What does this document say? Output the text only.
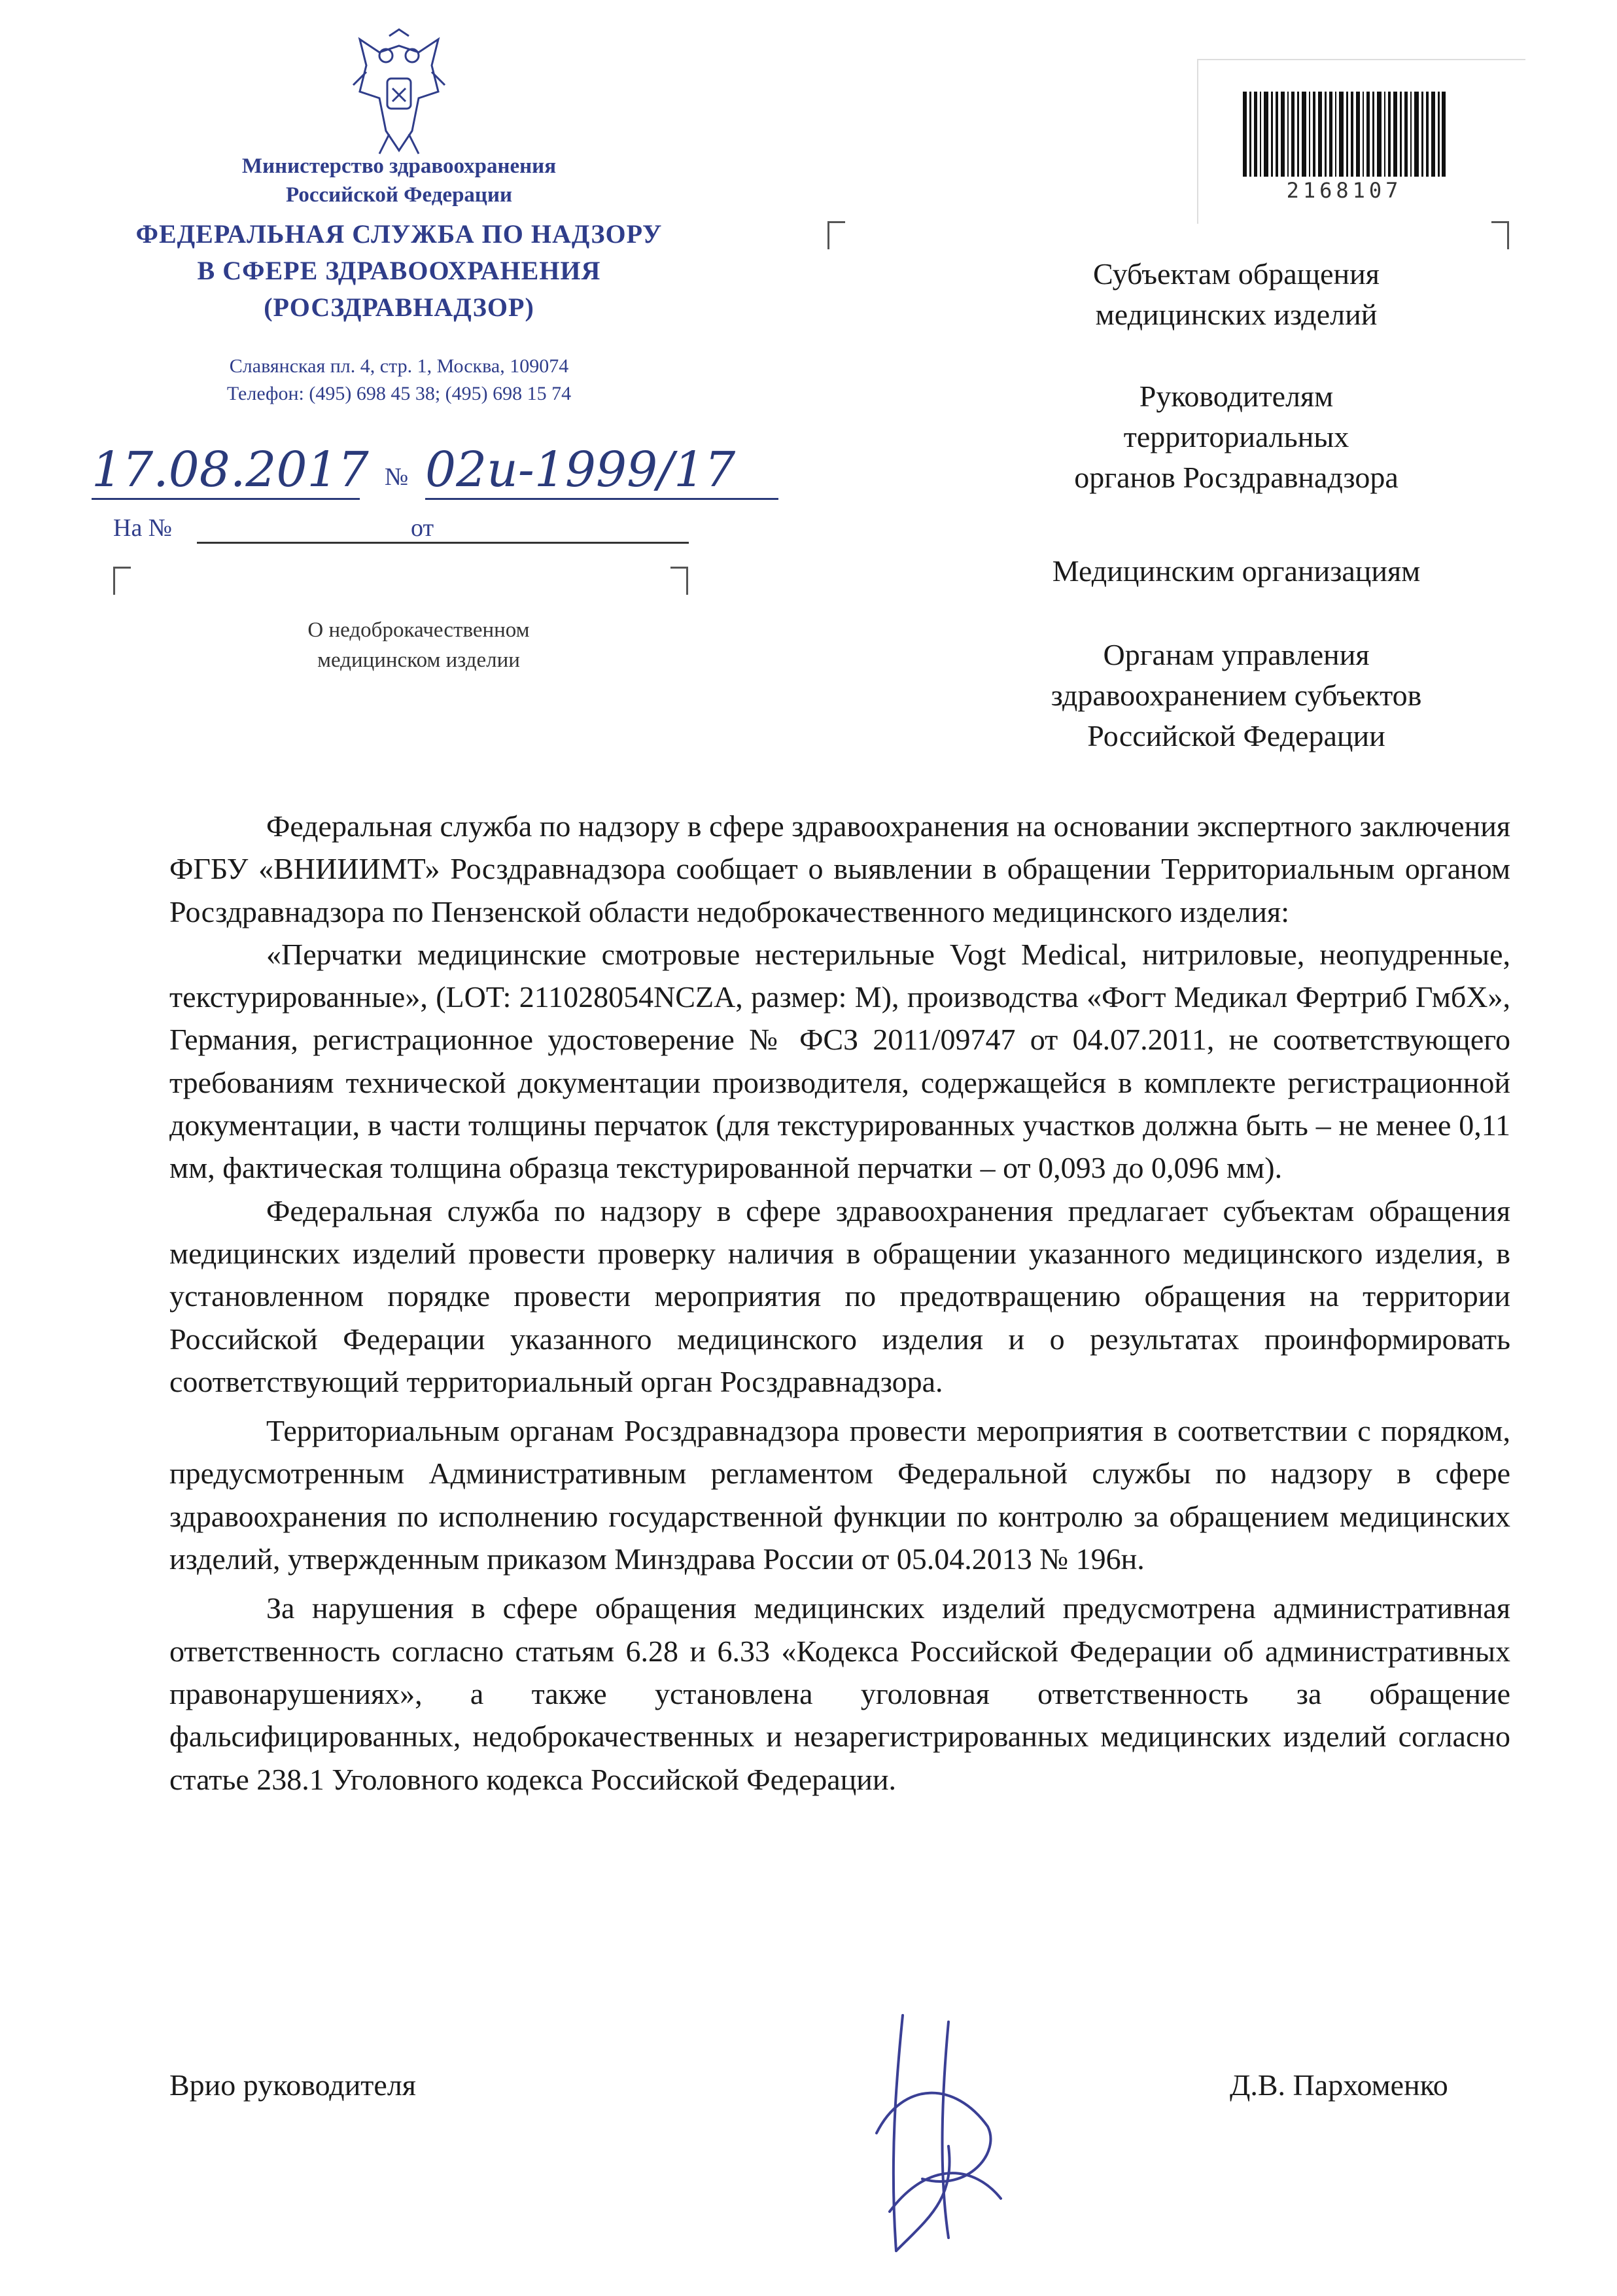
Министерство здравоохранения
Российской Федерации
ФЕДЕРАЛЬНАЯ СЛУЖБА ПО НАДЗОРУ
В СФЕРЕ ЗДРАВООХРАНЕНИЯ
(РОСЗДРАВНАДЗОР)
Славянская пл. 4, стр. 1, Москва, 109074
Телефон: (495) 698 45 38; (495) 698 15 74
17.08.2017 № 02и-1999/17
На №	от
О недоброкачественном
медицинском изделии
2168107
Субъектам обращения
медицинских изделий
Руководителям
территориальных
органов Росздравнадзора
Медицинским организациям
Органам управления
здравоохранением субъектов
Российской Федерации

Федеральная служба по надзору в сфере здравоохранения на основании экспертного заключения ФГБУ «ВНИИИМТ» Росздравнадзора сообщает о выявлении в обращении Территориальным органом Росздравнадзора по Пензенской области недоброкачественного медицинского изделия:

«Перчатки медицинские смотровые нестерильные Vogt Medical, нитриловые, неопудренные, текстурированные», (LOT: 211028054NCZA, размер: M), производства «Фогт Медикал Фертриб ГмбХ», Германия, регистрационное удостоверение № ФСЗ 2011/09747 от 04.07.2011, не соответствующего требованиям технической документации производителя, содержащейся в комплекте регистрационной документации, в части толщины перчаток (для текстурированных участков должна быть – не менее 0,11 мм, фактическая толщина образца текстурированной перчатки – от 0,093 до 0,096 мм).

Федеральная служба по надзору в сфере здравоохранения предлагает субъектам обращения медицинских изделий провести проверку наличия в обращении указанного медицинского изделия, в установленном порядке провести мероприятия по предотвращению обращения на территории Российской Федерации указанного медицинского изделия и о результатах проинформировать соответствующий территориальный орган Росздравнадзора.

Территориальным органам Росздравнадзора провести мероприятия в соответствии с порядком, предусмотренным Административным регламентом Федеральной службы по надзору в сфере здравоохранения по исполнению государственной функции по контролю за обращением медицинских изделий, утвержденным приказом Минздрава России от 05.04.2013 № 196н.

За нарушения в сфере обращения медицинских изделий предусмотрена административная ответственность согласно статьям 6.28 и 6.33 «Кодекса Российской Федерации об административных правонарушениях», а также установлена уголовная ответственность за обращение фальсифицированных, недоброкачественных и незарегистрированных медицинских изделий согласно статье 238.1 Уголовного кодекса Российской Федерации.

Врио руководителя	Д.В. Пархоменко
